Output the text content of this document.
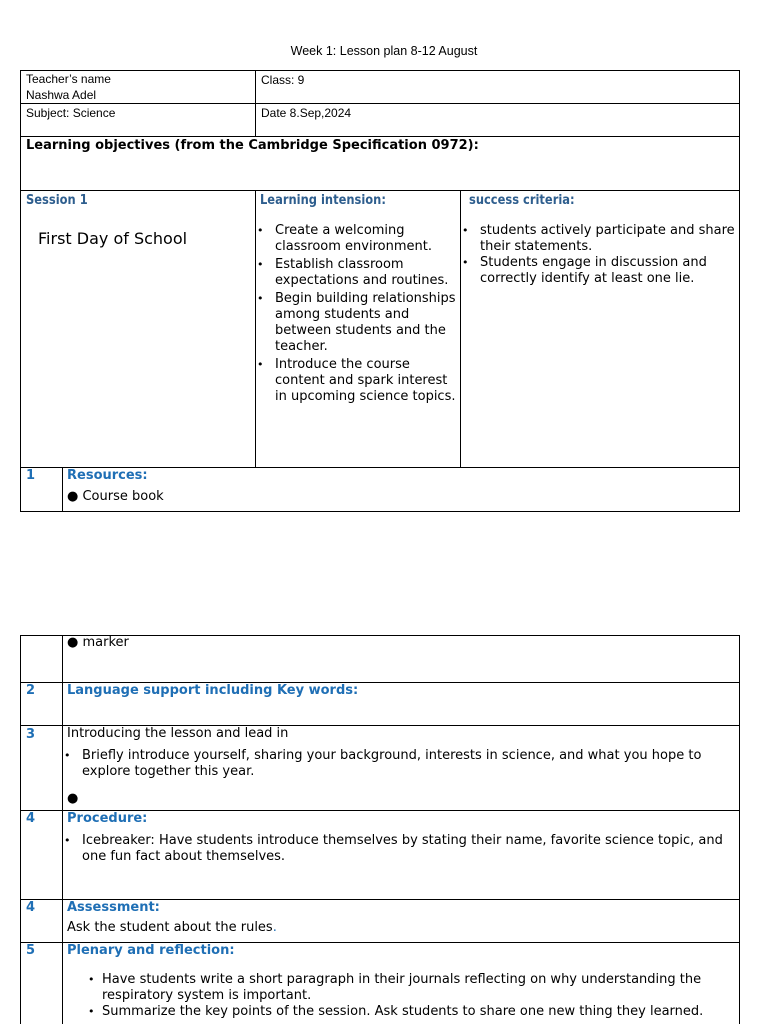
Week 1: Lesson plan 8-12 August
Teacher’s name
Nashwa Adel
Class: 9
Subject: Science	Date 8.Sep,2024
Learning objectives (from the Cambridge Specification 0972):
Session 1
First Day of School
Learning intension:
• Create a welcoming classroom environment.
• Establish classroom expectations and routines.
• Begin building relationships among students and between students and the teacher.
• Introduce the course content and spark interest in upcoming science topics.
success criteria:
• students actively participate and share their statements.
• Students engage in discussion and correctly identify at least one lie.
1 Resources:
● Course book
● marker
2 Language support including Key words:
3 Introducing the lesson and lead in
• Briefly introduce yourself, sharing your background, interests in science, and what you hope to explore together this year.
●
4 Procedure:
• Icebreaker: Have students introduce themselves by stating their name, favorite science topic, and one fun fact about themselves.
4 Assessment:
Ask the student about the rules.
5 Plenary and reflection:
• Have students write a short paragraph in their journals reflecting on why understanding the respiratory system is important.
• Summarize the key points of the session. Ask students to share one new thing they learned.
